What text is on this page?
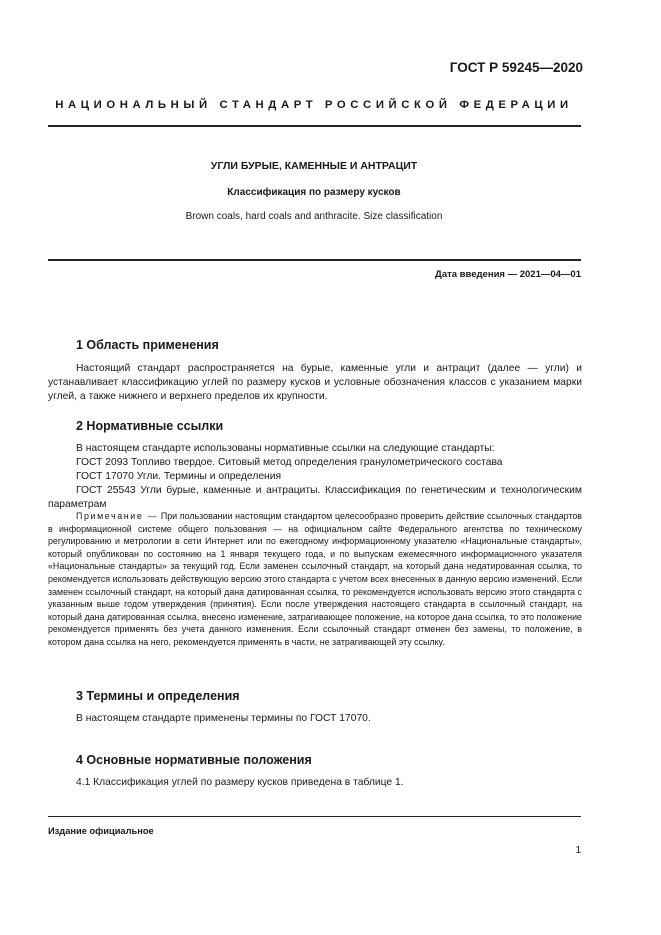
ГОСТ Р 59245—2020
НАЦИОНАЛЬНЫЙ СТАНДАРТ РОССИЙСКОЙ ФЕДЕРАЦИИ
УГЛИ БУРЫЕ, КАМЕННЫЕ И АНТРАЦИТ
Классификация по размеру кусков
Brown coals, hard coals and anthracite. Size classification
Дата введения — 2021—04—01
1 Область применения
Настоящий стандарт распространяется на бурые, каменные угли и антрацит (далее — угли) и устанавливает классификацию углей по размеру кусков и условные обозначения классов с указанием марки углей, а также нижнего и верхнего пределов их крупности.
2 Нормативные ссылки
В настоящем стандарте использованы нормативные ссылки на следующие стандарты:
ГОСТ 2093 Топливо твердое. Ситовый метод определения гранулометрического состава
ГОСТ 17070 Угли. Термины и определения
ГОСТ 25543 Угли бурые, каменные и антрациты. Классификация по генетическим и технологическим параметрам
Примечание — При пользовании настоящим стандартом целесообразно проверить действие ссылочных стандартов в информационной системе общего пользования — на официальном сайте Федерального агентства по техническому регулированию и метрологии в сети Интернет или по ежегодному информационному указателю «Национальные стандарты», который опубликован по состоянию на 1 января текущего года, и по выпускам ежемесячного информационного указателя «Национальные стандарты» за текущий год. Если заменен ссылочный стандарт, на который дана недатированная ссылка, то рекомендуется использовать действующую версию этого стандарта с учетом всех внесенных в данную версию изменений. Если заменен ссылочный стандарт, на который дана датированная ссылка, то рекомендуется использовать версию этого стандарта с указанным выше годом утверждения (принятия). Если после утверждения настоящего стандарта в ссылочный стандарт, на который дана датированная ссылка, внесено изменение, затрагивающее положение, на которое дана ссылка, то это положение рекомендуется применять без учета данного изменения. Если ссылочный стандарт отменен без замены, то положение, в котором дана ссылка на него, рекомендуется применять в части, не затрагивающей эту ссылку.
3 Термины и определения
В настоящем стандарте применены термины по ГОСТ 17070.
4 Основные нормативные положения
4.1 Классификация углей по размеру кусков приведена в таблице 1.
Издание официальное
1
